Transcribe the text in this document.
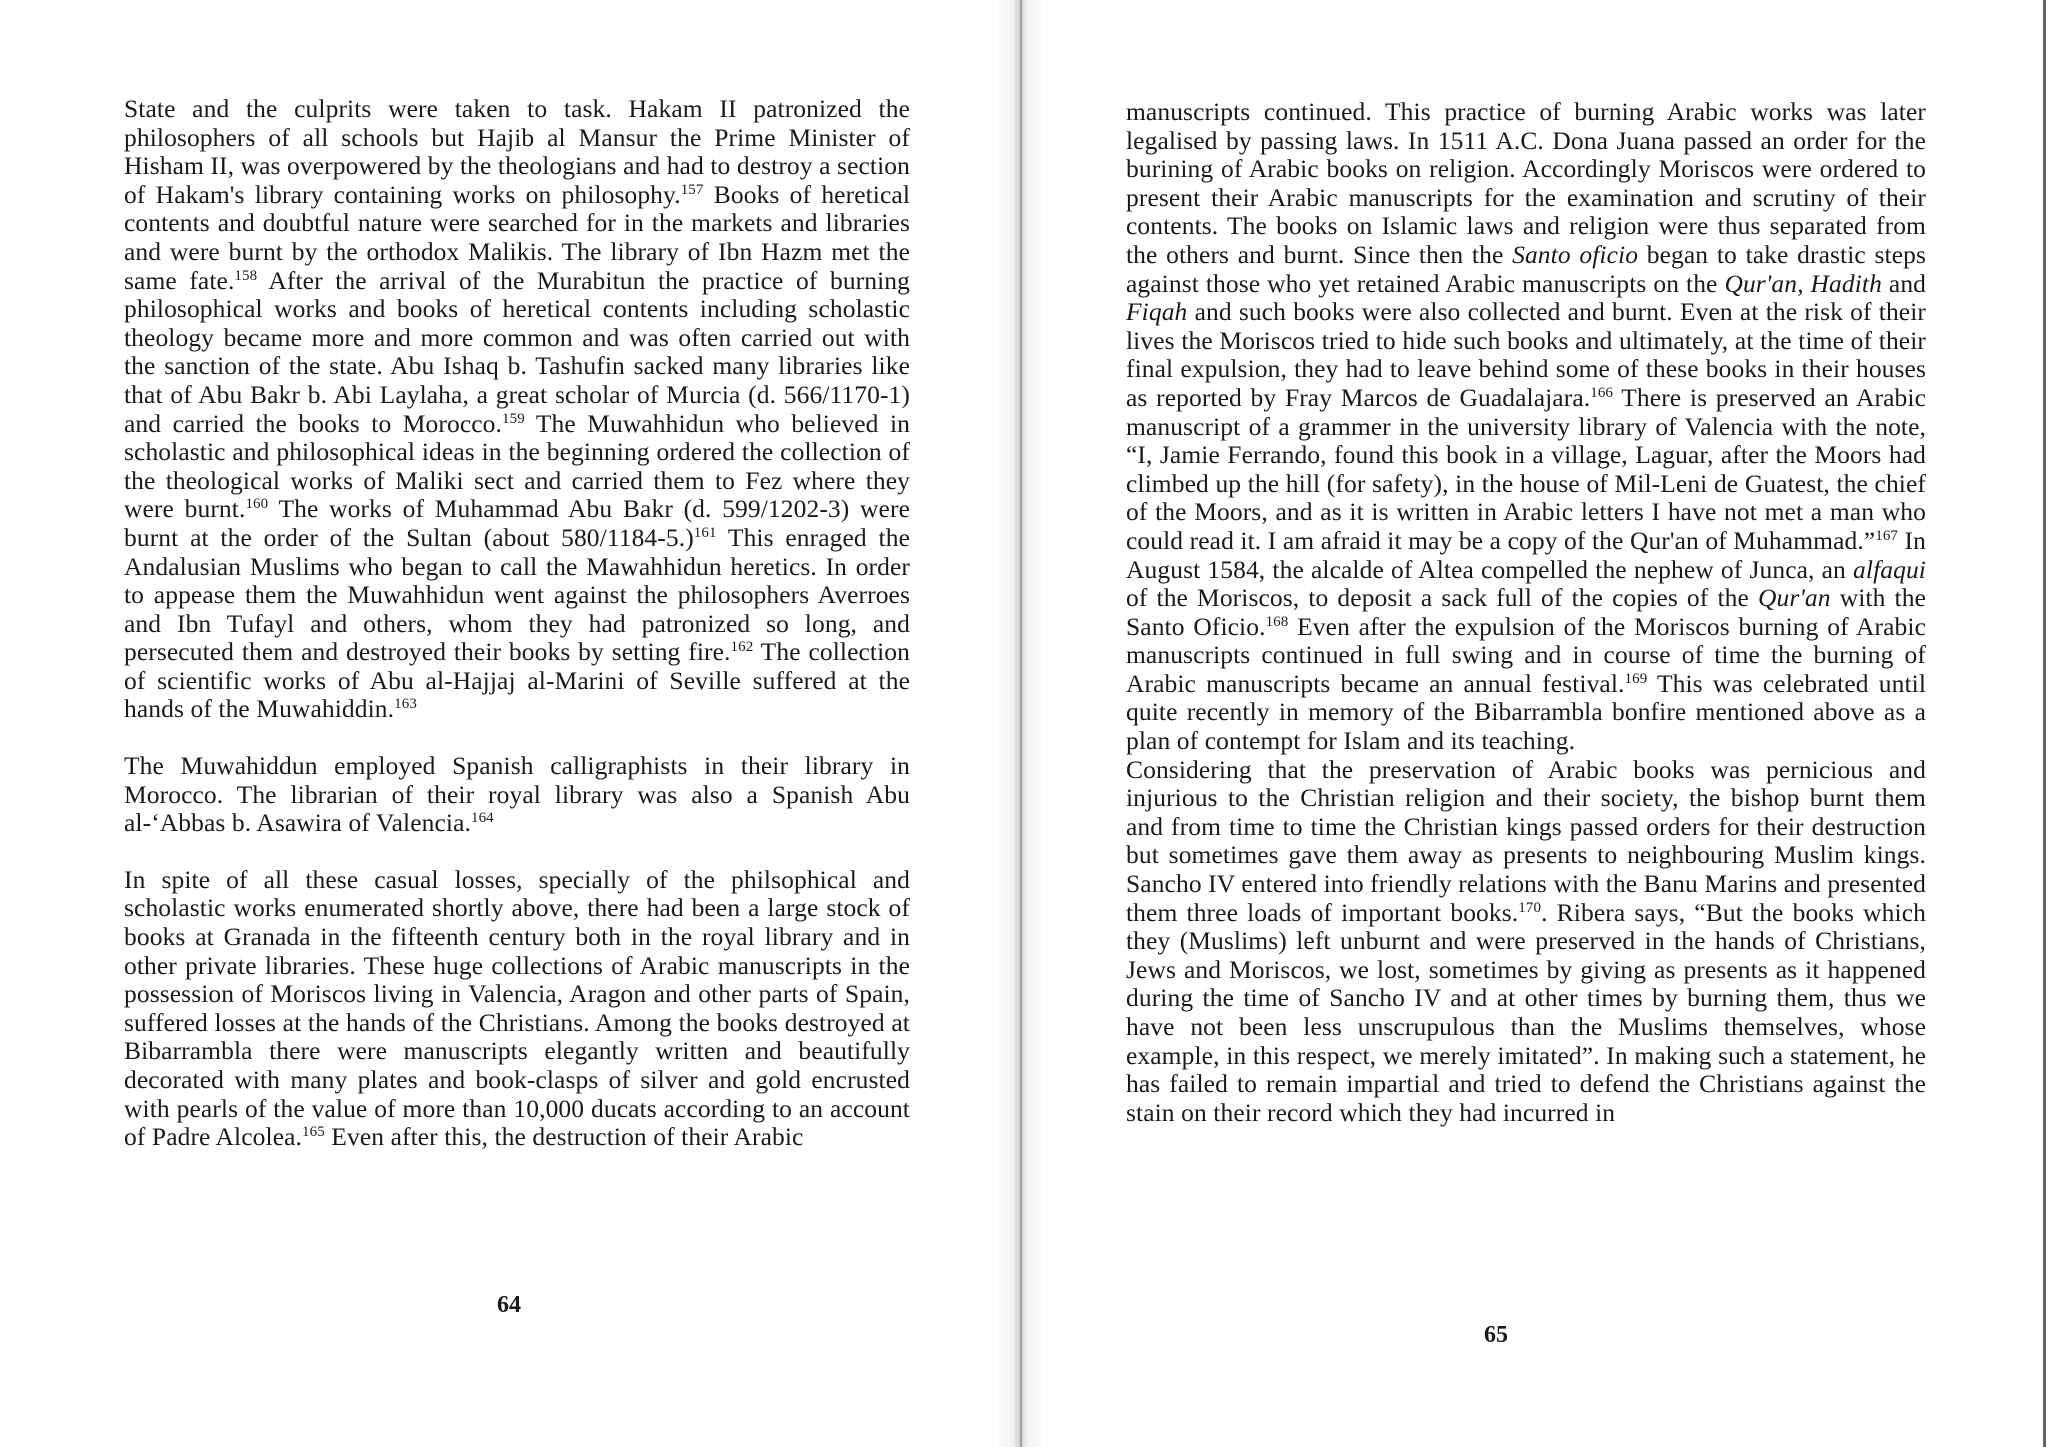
State and the culprits were taken to task. Hakam II patronized the philosophers of all schools but Hajib al Mansur the Prime Minister of Hisham II, was overpowered by the theologians and had to destroy a section of Hakam's library containing works on philosophy.$^{157}$ Books of heretical contents and doubtful nature were searched for in the markets and libraries and were burnt by the orthodox Malikis. The library of Ibn Hazm met the same fate.$^{158}$ After the arrival of the Murabitun the practice of burning philosophical works and books of heretical contents including scholastic theology became more and more common and was often carried out with the sanction of the state. Abu Ishaq b. Tashufin sacked many libraries like that of Abu Bakr b. Abi Laylaha, a great scholar of Murcia (d. 566/1170-1) and carried the books to Morocco.$^{159}$ The Muwahhidun who believed in scholastic and philosophical ideas in the beginning ordered the collection of the theological works of Maliki sect and carried them to Fez where they were burnt.$^{160}$ The works of Muhammad Abu Bakr (d. 599/1202-3) were burnt at the order of the Sultan (about 580/1184-5.)$^{161}$ This enraged the Andalusian Muslims who began to call the Mawahhidun heretics. In order to appease them the Muwahhidun went against the philosophers Averroes and Ibn Tufayl and others, whom they had patronized so long, and persecuted them and destroyed their books by setting fire.$^{162}$ The collection of scientific works of Abu al-Hajjaj al-Marini of Seville suffered at the hands of the Muwahiddin.$^{163}$

The Muwahiddun employed Spanish calligraphists in their library in Morocco. The librarian of their royal library was also a Spanish Abu al-‘Abbas b. Asawira of Valencia.$^{164}$

In spite of all these casual losses, specially of the philsophical and scholastic works enumerated shortly above, there had been a large stock of books at Granada in the fifteenth century both in the royal library and in other private libraries. These huge collections of Arabic manuscripts in the possession of Moriscos living in Valencia, Aragon and other parts of Spain, suffered losses at the hands of the Christians. Among the books destroyed at Bibarrambla there were manuscripts elegantly written and beautifully decorated with many plates and book-clasps of silver and gold encrusted with pearls of the value of more than 10,000 ducats according to an account of Padre Alcolea.$^{165}$ Even after this, the destruction of their Arabic

64

manuscripts continued. This practice of burning Arabic works was later legalised by passing laws. In 1511 A.C. Dona Juana passed an order for the burining of Arabic books on religion. Accordingly Moriscos were ordered to present their Arabic manuscripts for the examination and scrutiny of their contents. The books on Islamic laws and religion were thus separated from the others and burnt. Since then the Santo oficio began to take drastic steps against those who yet retained Arabic manuscripts on the Qur'an, Hadith and Fiqah and such books were also collected and burnt. Even at the risk of their lives the Moriscos tried to hide such books and ultimately, at the time of their final expulsion, they had to leave behind some of these books in their houses as reported by Fray Marcos de Guadalajara.$^{166}$ There is preserved an Arabic manuscript of a grammer in the university library of Valencia with the note, “I, Jamie Ferrando, found this book in a village, Laguar, after the Moors had climbed up the hill (for safety), in the house of Mil-Leni de Guatest, the chief of the Moors, and as it is written in Arabic letters I have not met a man who could read it. I am afraid it may be a copy of the Qur'an of Muhammad.”$^{167}$ In August 1584, the alcalde of Altea compelled the nephew of Junca, an alfaqui of the Moriscos, to deposit a sack full of the copies of the Qur'an with the Santo Oficio.$^{168}$ Even after the expulsion of the Moriscos burning of Arabic manuscripts continued in full swing and in course of time the burning of Arabic manuscripts became an annual festival.$^{169}$ This was celebrated until quite recently in memory of the Bibarrambla bonfire mentioned above as a plan of contempt for Islam and its teaching.

Considering that the preservation of Arabic books was pernicious and injurious to the Christian religion and their society, the bishop burnt them and from time to time the Christian kings passed orders for their destruction but sometimes gave them away as presents to neighbouring Muslim kings. Sancho IV entered into friendly relations with the Banu Marins and presented them three loads of important books.$^{170}$. Ribera says, “But the books which they (Muslims) left unburnt and were preserved in the hands of Christians, Jews and Moriscos, we lost, sometimes by giving as presents as it happened during the time of Sancho IV and at other times by burning them, thus we have not been less unscrupulous than the Muslims themselves, whose example, in this respect, we merely imitated”. In making such a statement, he has failed to remain impartial and tried to defend the Christians against the stain on their record which they had incurred in

65
